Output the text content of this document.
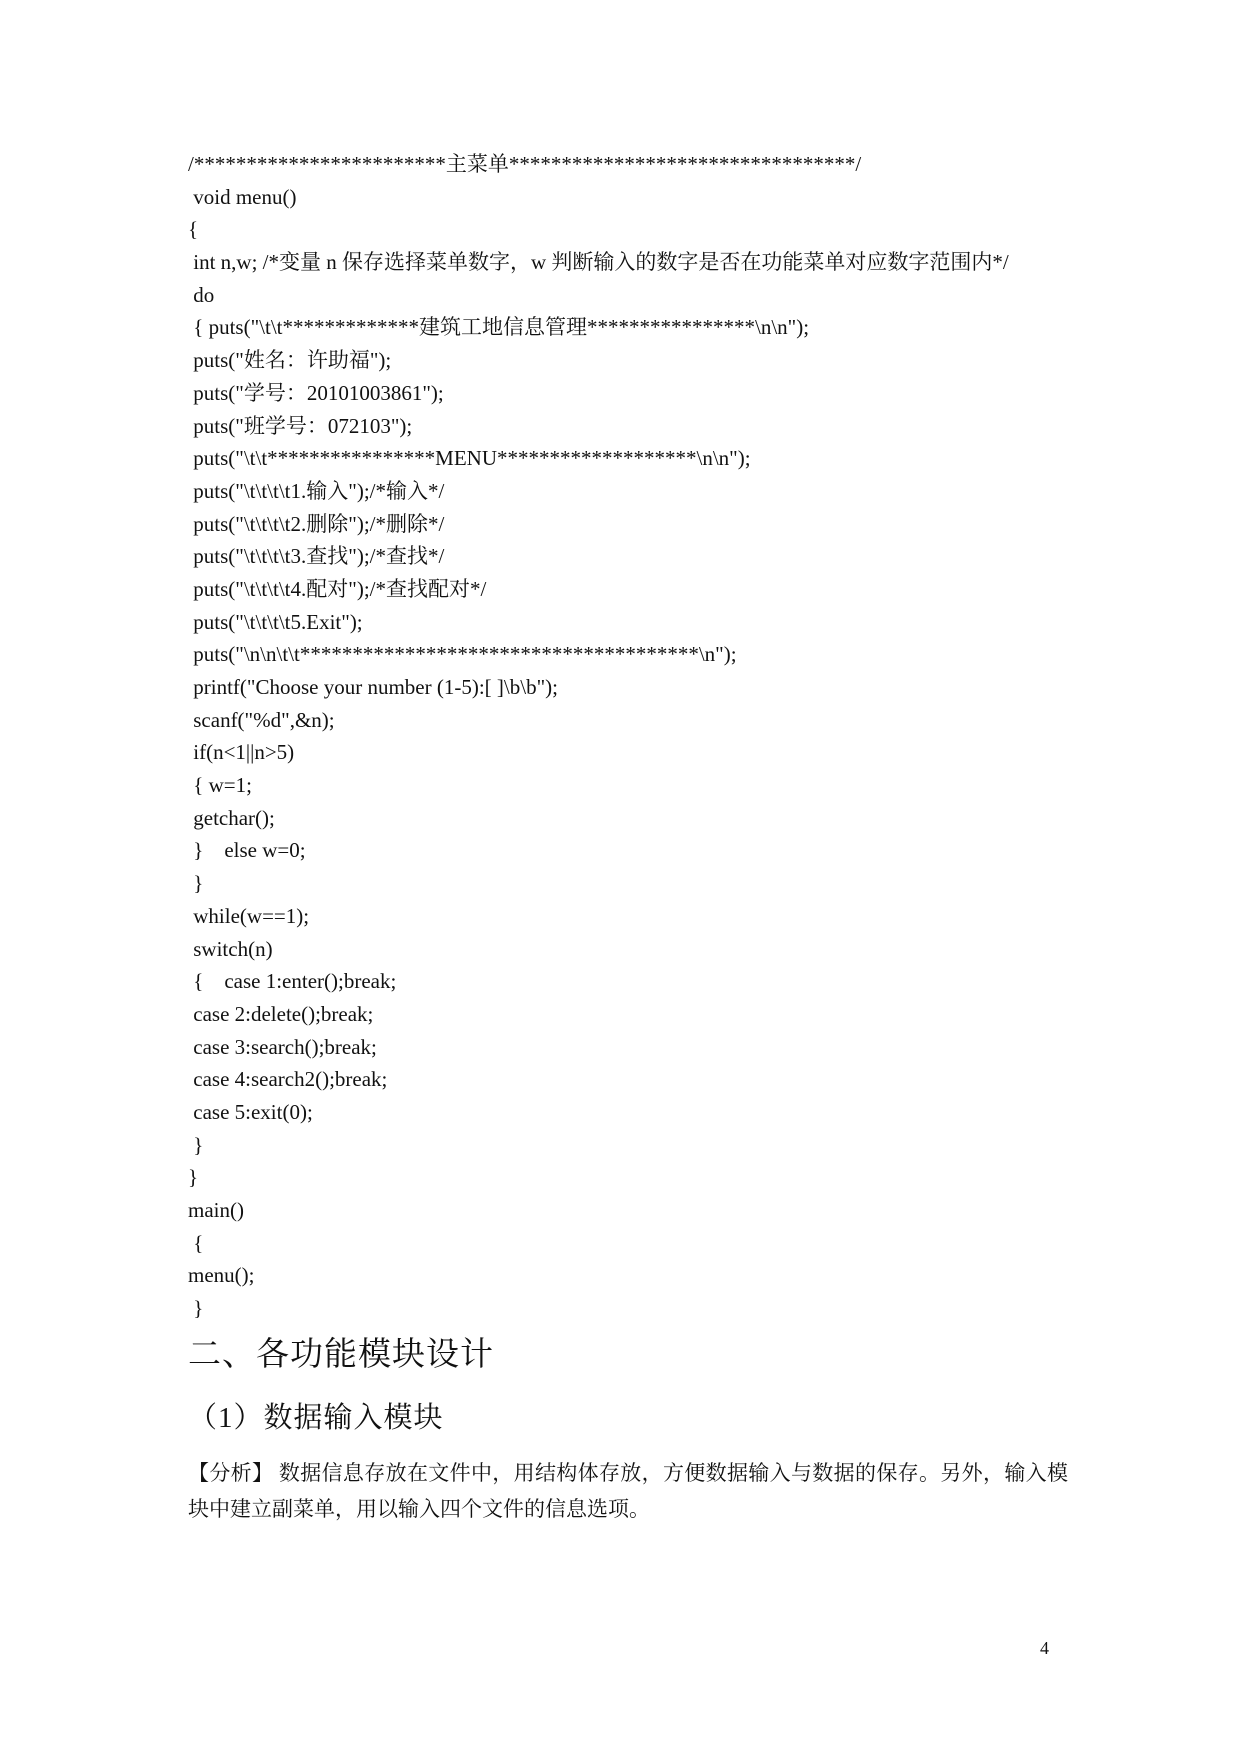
/************************主菜单*********************************/
void menu()
{
int n,w; /*变量 n 保存选择菜单数字，w 判断输入的数字是否在功能菜单对应数字范围内*/
do
{ puts("\t\t*************建筑工地信息管理****************\n\n");
puts("姓名：许助福");
puts("学号：20101003861");
puts("班学号：072103");
puts("\t\t****************MENU*******************\n\n");
puts("\t\t\t\t1.输入");/*输入*/
puts("\t\t\t\t2.删除");/*删除*/
puts("\t\t\t\t3.查找");/*查找*/
puts("\t\t\t\t4.配对");/*查找配对*/
puts("\t\t\t\t5.Exit");
puts("\n\n\t\t**************************************\n");
printf("Choose your number (1-5):[ ]\b\b");
scanf("%d",&n);
if(n<1||n>5)
{ w=1;
getchar();
}    else w=0;
}
while(w==1);
switch(n)
{    case 1:enter();break;
case 2:delete();break;
case 3:search();break;
case 4:search2();break;
case 5:exit(0);
}
}
main()
{
menu();
}
二、各功能模块设计
（1）数据输入模块
【分析】 数据信息存放在文件中，用结构体存放，方便数据输入与数据的保存。另外，输入模块中建立副菜单，用以输入四个文件的信息选项。
4
